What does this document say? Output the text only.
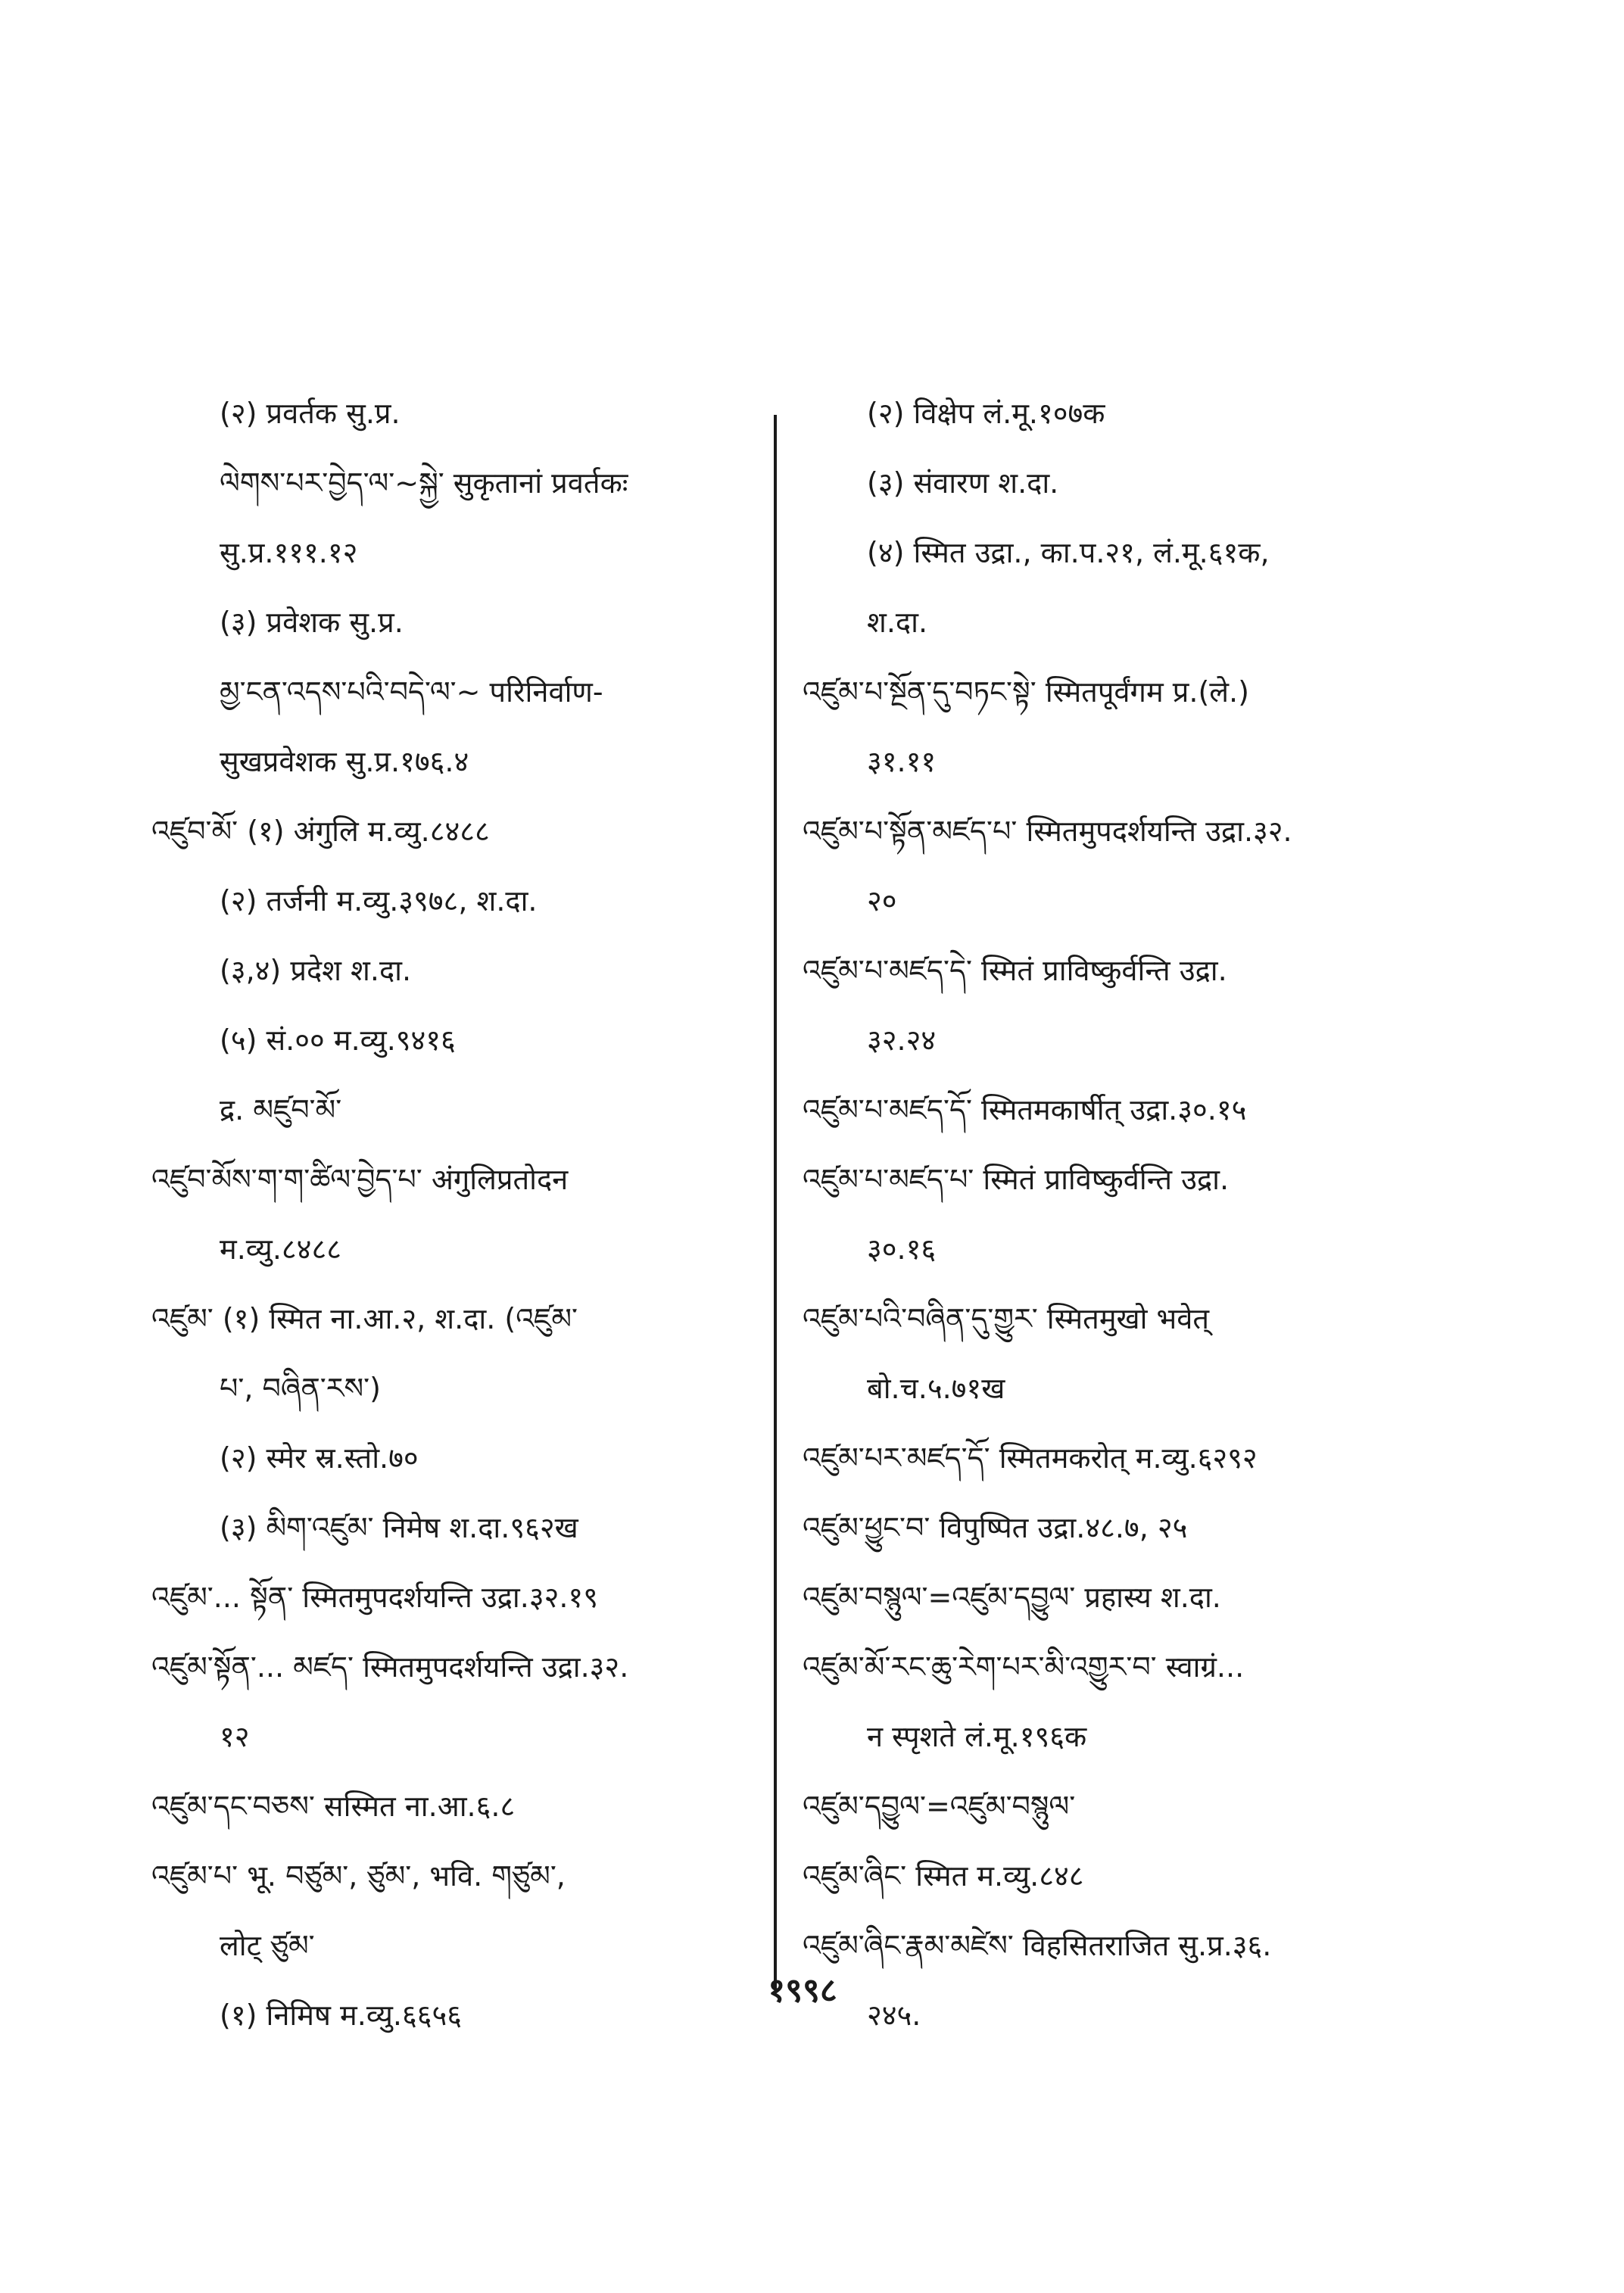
(२) प्रवर्तक सु.प्र.
ལེགས་པར་བྱེད་ལ་~སྐྱེ་ सुकृतानां प्रवर्तकः
सु.प्र.१११.१२
(३) प्रवेशक सु.प्र.
མྱ་ངན་འདས་པའི་བདེ་ལ་~ परिनिर्वाण-
सुखप्रवेशक सु.प्र.१७६.४
འཛུབ་མོ་ (१) अंगुलि म.व्यु.८४८८
(२) तर्जनी म.व्यु.३९७८, श.दा.
(३,४) प्रदेश श.दा.
(५) सं.०० म.व्यु.९४१६
द्र. མཛུབ་མོ་
འཛུབ་མོས་ག་ག་ཚིལ་བྱེད་པ་ अंगुलिप्रतोदन
म.व्यु.८४८८
འཛུམ་ (१) स्मित ना.आ.२, श.दा. (འཛུམ་
པ་, བཞིན་རས་)
(२) स्मेर स्र.स्तो.७०
(३) མིག་འཛུམ་ निमेष श.दा.९६२ख
འཛུམ་... སྟོན་ स्मितमुपदर्शयन्ति उद्रा.३२.१९
འཛུམ་སྟོན་... མཛད་ स्मितमुपदर्शयन्ति उद्रा.३२.
१२
འཛུམ་དང་བཅས་ सस्मित ना.आ.६.८
འཛུམ་པ་ भू. བཙུམ་, ཙུམ་, भवि. གཙུམ་,
लोट् ཙུམ་
(१) निमिष म.व्यु.६६५६
(२) विक्षेप लं.मू.१०७क
(३) संवारण श.दा.
(४) स्मित उद्रा., का.प.२१, लं.मू.६१क,
श.दा.
འཛུམ་པ་སྔོན་དུ་བཏང་སྟེ་ स्मितपूर्वंगम प्र.(ले.)
३१.११
འཛུམ་པ་སྟོན་མཛད་པ་ स्मितमुपदर्शयन्ति उद्रा.३२.
२०
འཛུམ་པ་མཛད་དེ་ स्मितं प्राविष्कुर्वन्ति उद्रा.
३२.२४
འཛུམ་པ་མཛད་དོ་ स्मितमकार्षीत् उद्रा.३०.१५
འཛུམ་པ་མཛད་པ་ स्मितं प्राविष्कुर्वन्ति उद्रा.
३०.१६
འཛུམ་པའི་བཞིན་དུ་གྱུར་ स्मितमुखो भवेत्
बो.च.५.७१ख
འཛུམ་པར་མཛད་དོ་ स्मितमकरोत् म.व्यु.६२९२
འཛུམ་ཕྱུང་བ་ विपुष्पित उद्रा.४८.७, २५
འཛུམ་བསྙུལ་=འཛུམ་དབྱུལ་ प्रहास्य श.दा.
འཛུམ་མོ་རང་ཆུ་རེག་པར་མི་འགྱུར་བ་ स्वाग्रं...
न स्पृशते लं.मू.१९६क
འཛུམ་དབྱུལ་=འཛུམ་བསྙུལ་
འཛུམ་ཞིང་ स्मित म.व्यु.८४८
འཛུམ་ཞིང་རྣམ་མཛེས་ विहसितराजित सु.प्र.३६.
२४५.
१९९८
